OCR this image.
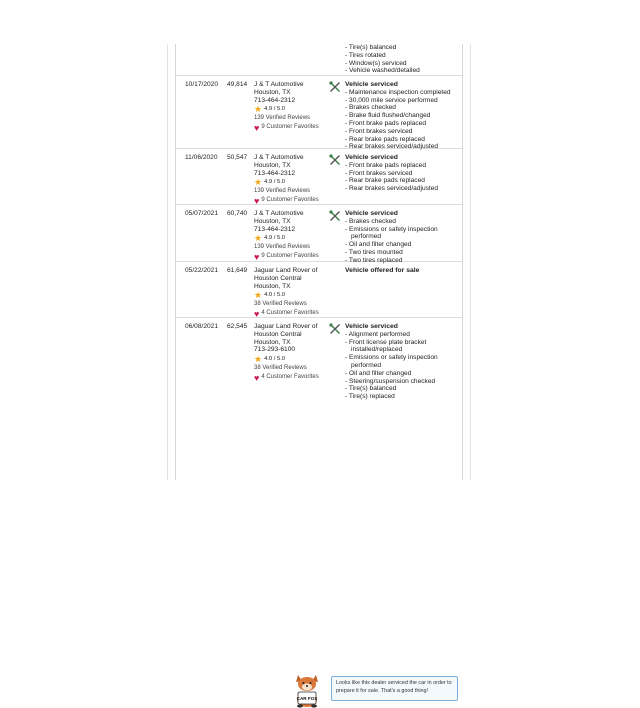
- Tire(s) balanced
- Tires rotated
- Window(s) serviced
- Vehicle washed/detailed
10/17/2020	49,814 J & T Automotive
Houston, TX
713-464-2312
★ 4.9 / 5.0
139 Verified Reviews
♥ 9 Customer Favorites
Vehicle serviced
- Maintenance inspection completed
- 30,000 mile service performed
- Brakes checked
- Brake fluid flushed/changed
- Front brake pads replaced
- Front brakes serviced
- Rear brake pads replaced
- Rear brakes serviced/adjusted
11/06/2020	50,547 J & T Automotive
Houston, TX
713-464-2312
★ 4.9 / 5.0
139 Verified Reviews
♥ 9 Customer Favorites
Vehicle serviced
- Front brake pads replaced
- Front brakes serviced
- Rear brake pads replaced
- Rear brakes serviced/adjusted
05/07/2021	60,740 J & T Automotive
Houston, TX
713-464-2312
★ 4.9 / 5.0
139 Verified Reviews
♥ 9 Customer Favorites
Vehicle serviced
- Brakes checked
- Emissions or safety inspection
performed
- Oil and filter changed
- Two tires mounted
- Two tires replaced
05/22/2021	61,649 Jaguar Land Rover of
Houston Central
Houston, TX
★ 4.0 / 5.0
38 Verified Reviews
♥ 4 Customer Favorites
Vehicle offered for sale
06/08/2021	62,545 Jaguar Land Rover of
Houston Central
Houston, TX
713-293-6100
★ 4.0 / 5.0
38 Verified Reviews
♥ 4 Customer Favorites
Vehicle serviced
- Alignment performed
- Front license plate bracket
installed/replaced
- Emissions or safety inspection
performed
- Oil and filter changed
- Steering/suspension checked
- Tire(s) balanced
- Tire(s) replaced
CAR FOX
Looks like this dealer serviced the car in order to prepare it for sale. That's a good thing!
